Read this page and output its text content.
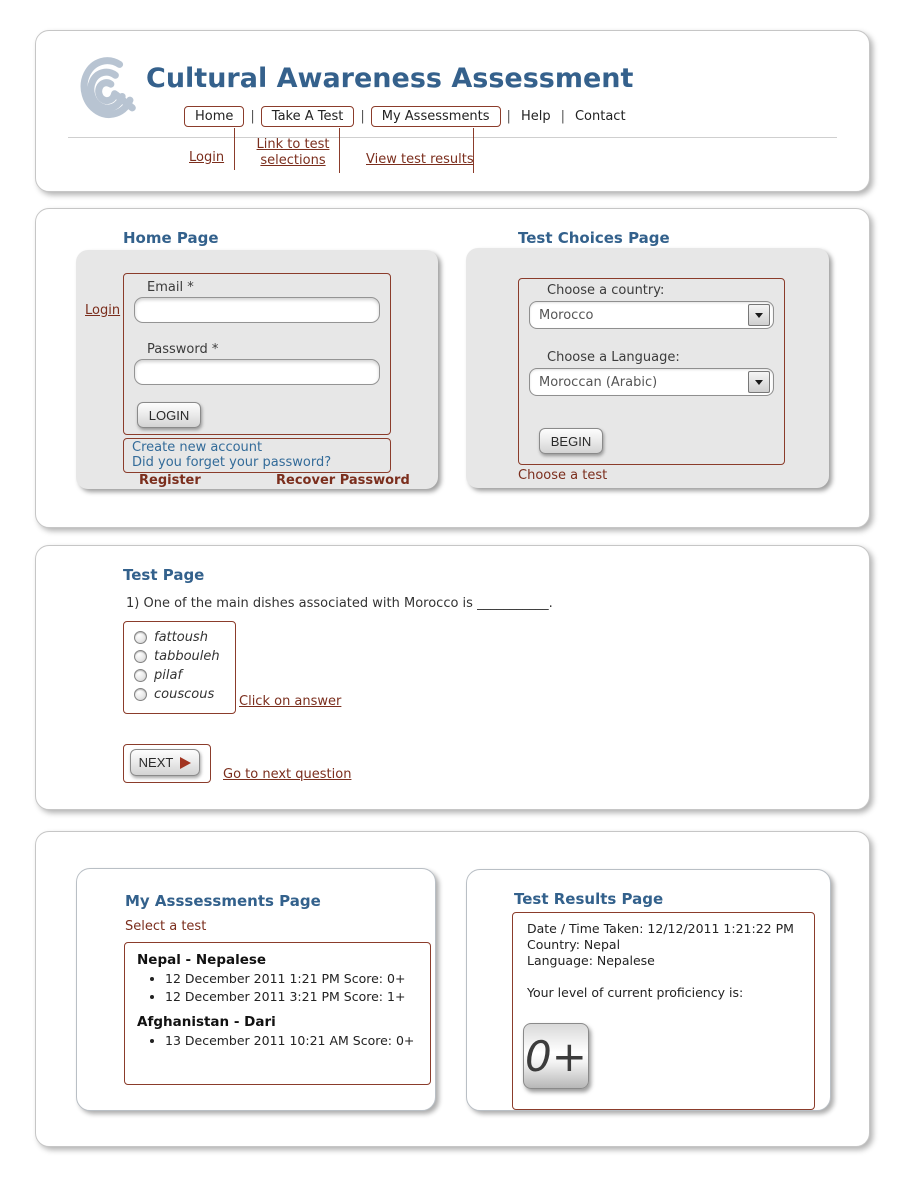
Cultural Awareness Assessment
Home	|	Take A Test	|	My Assessments	| Help | Contact
Login
Link to test
selections	View test results
Home Page	Test Choices Page
Login
Email *
Password *
LOGIN
Create new account
Did you forget your password?
Register	Recover Password
Choose a country:
Morocco
Choose a Language:
Moroccan (Arabic)
BEGIN
Choose a test
Test Page
1) One of the main dishes associated with Morocco is ___________.
fattoush
tabbouleh
pilaf
couscous Click on answer
NEXT
Go to next question
My Asssessments Page
Select a test

Nepal - Nepalese

• 12 December 2011 1:21 PM Score: 0+
• 12 December 2011 3:21 PM Score: 1+

Afghanistan - Dari

• 13 December 2011 10:21 AM Score: 0+
Test Results Page
Date / Time Taken: 12/12/2011 1:21:22 PM
Country: Nepal
Language: Nepalese
Your level of current proficiency is:
0+
